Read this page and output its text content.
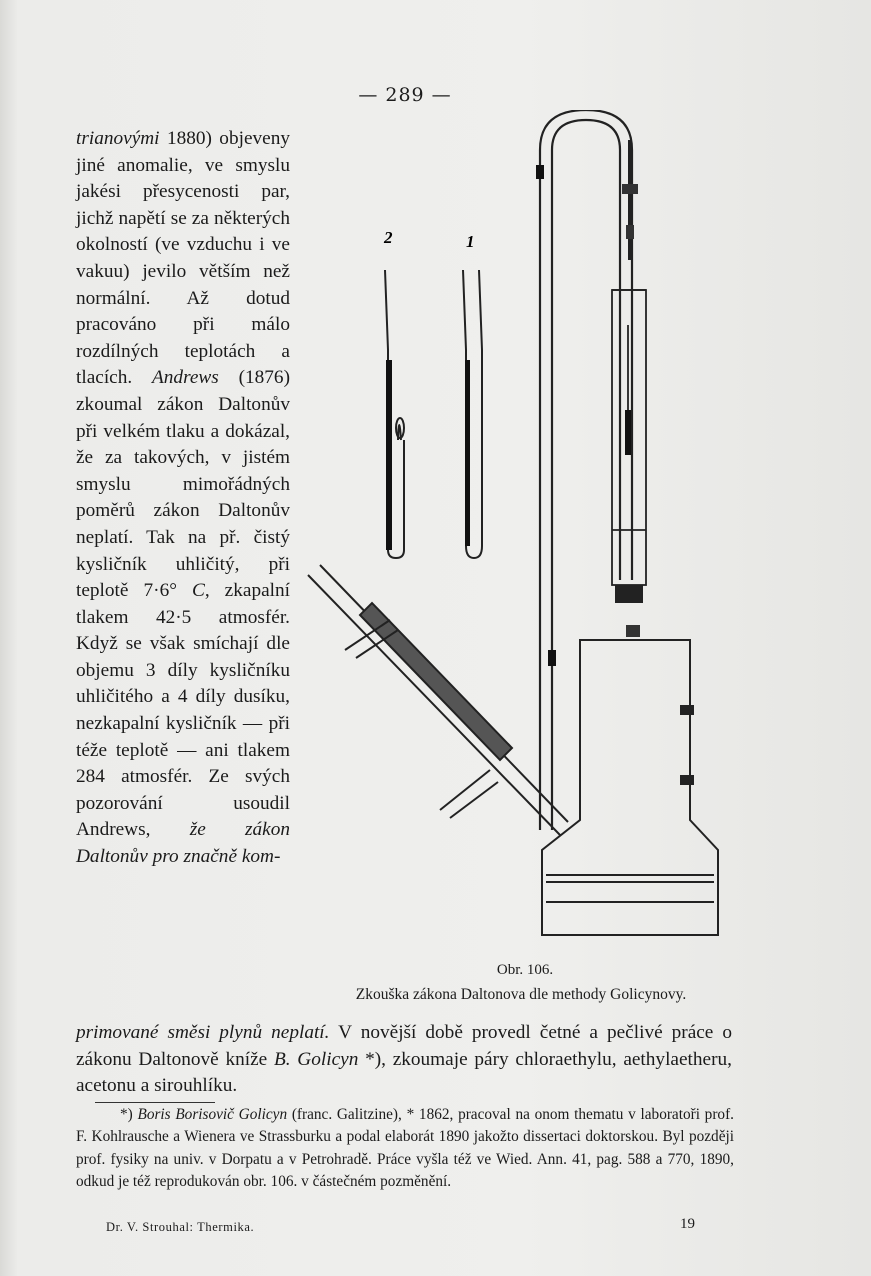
— 289 —

trianovými 1880) objeveny jiné anomalie, ve smyslu jakési přesycenosti par, jichž napětí se za některých okolností (ve vzduchu i ve vakuu) jevilo větším než normální. Až dotud pracováno při málo rozdílných teplotách a tlacích. Andrews (1876) zkoumal zákon Daltonův při velkém tlaku a dokázal, že za takových, v jistém smyslu mimořádných poměrů zákon Daltonův neplatí. Tak na př. čistý kysličník uhličitý, při teplotě 7·6° C, zkapalní tlakem 42·5 atmosfér. Když se však smíchají dle objemu 3 díly kysličníku uhličitého a 4 díly dusíku, nezkapalní kysličník — při téže teplotě — ani tlakem 284 atmosfér. Ze svých pozorování usoudil Andrews, že zákon Daltonův pro značně kom-

2	1
Obr. 106.
Zkouška zákona Daltonova dle methody Golicynovy.

primované směsi plynů neplatí. V novější době provedl četné a pečlivé práce o zákonu Daltonově kníže B. Golicyn *), zkoumaje páry chloraethylu, aethylaetheru, acetonu a sirouhlíku.

*) Boris Borisovič Golicyn (franc. Galitzine), * 1862, pracoval na onom thematu v laboratoři prof. F. Kohlrausche a Wienera ve Strassburku a podal elaborát 1890 jakožto dissertaci doktorskou. Byl později prof. fysiky na univ. v Dorpatu a v Petrohradě. Práce vyšla též ve Wied. Ann. 41, pag. 588 a 770, 1890, odkud je též reprodukován obr. 106. v částečném pozměnění.

Dr. V. Strouhal: Thermika.	19
